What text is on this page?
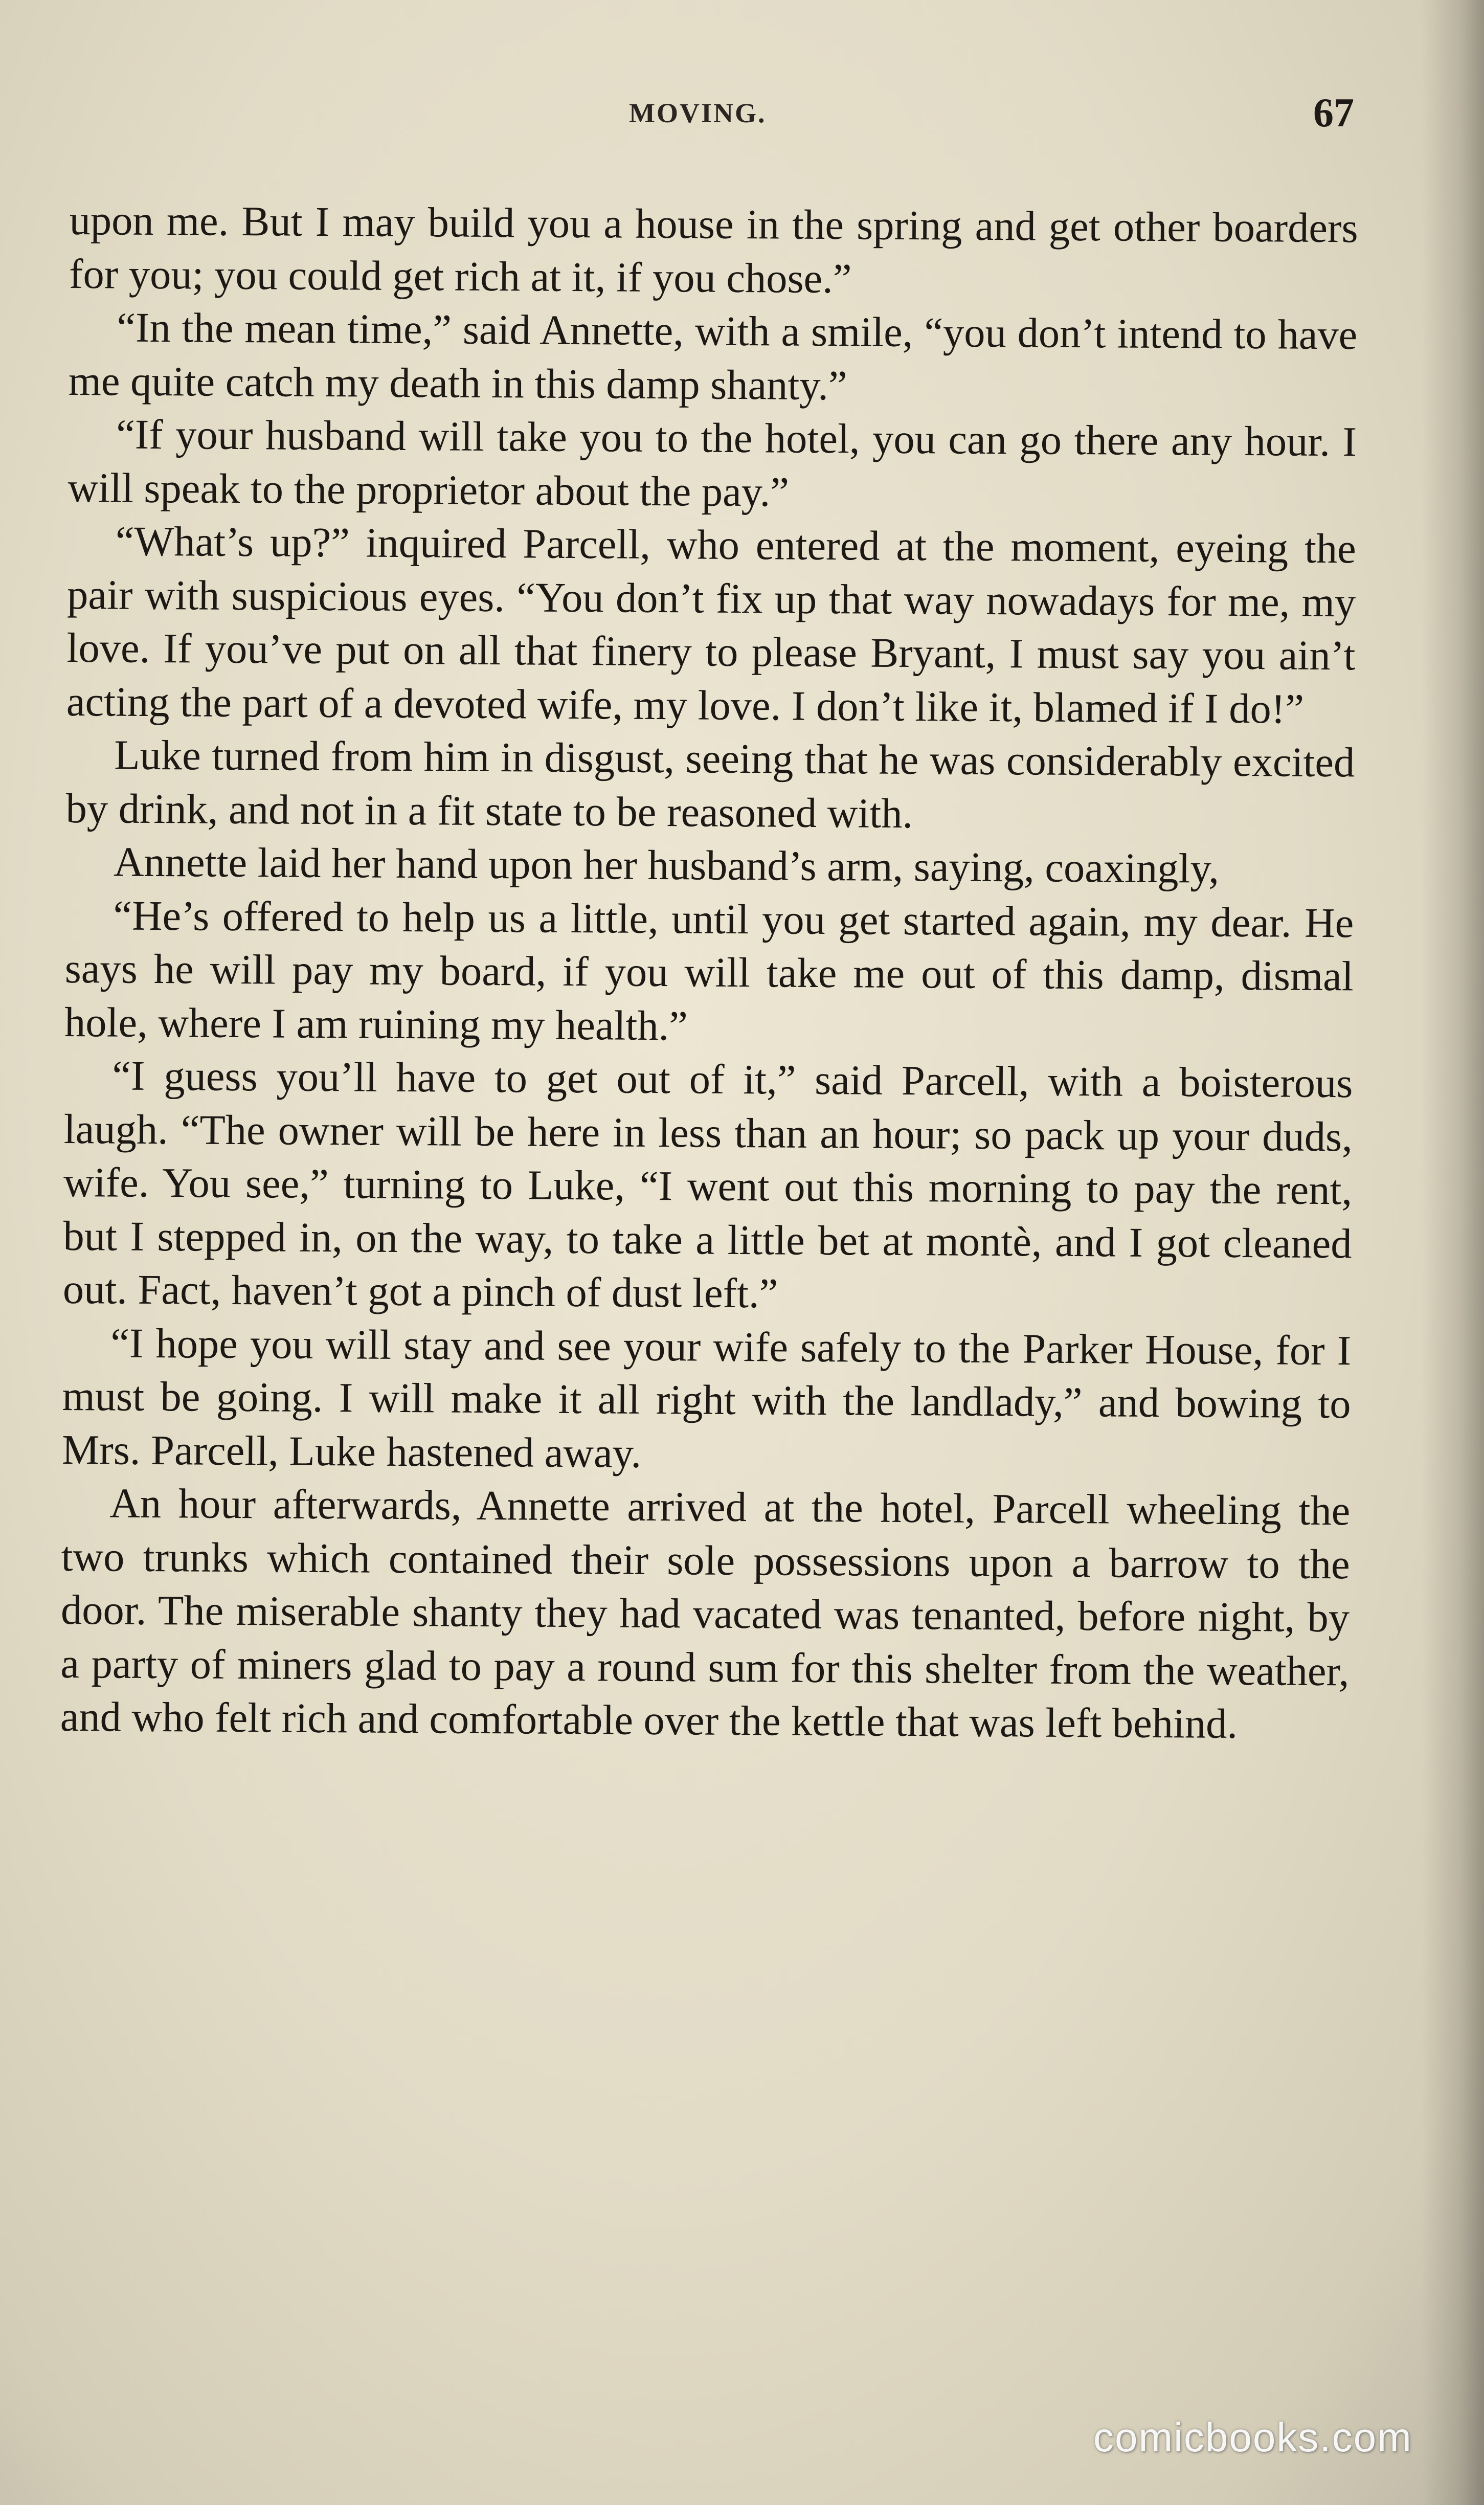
MOVING.	67

upon me. But I may build you a house in the spring and get other boarders for you; you could get rich at it, if you chose.”

“In the mean time,” said Annette, with a smile, “you don’t intend to have me quite catch my death in this damp shanty.”

“If your husband will take you to the hotel, you can go there any hour. I will speak to the proprietor about the pay.”

“What’s up?” inquired Parcell, who entered at the moment, eyeing the pair with suspicious eyes. “You don’t fix up that way nowadays for me, my love. If you’ve put on all that finery to please Bryant, I must say you ain’t acting the part of a devoted wife, my love. I don’t like it, blamed if I do!”

Luke turned from him in disgust, seeing that he was considerably excited by drink, and not in a fit state to be reasoned with.

Annette laid her hand upon her husband’s arm, saying, coaxingly,

“He’s offered to help us a little, until you get started again, my dear. He says he will pay my board, if you will take me out of this damp, dismal hole, where I am ruining my health.”

“I guess you’ll have to get out of it,” said Parcell, with a boisterous laugh. “The owner will be here in less than an hour; so pack up your duds, wife. You see,” turning to Luke, “I went out this morning to pay the rent, but I stepped in, on the way, to take a little bet at montè, and I got cleaned out. Fact, haven’t got a pinch of dust left.”

“I hope you will stay and see your wife safely to the Parker House, for I must be going. I will make it all right with the landlady,” and bowing to Mrs. Parcell, Luke hastened away.

An hour afterwards, Annette arrived at the hotel, Parcell wheeling the two trunks which contained their sole possessions upon a barrow to the door. The miserable shanty they had vacated was tenanted, before night, by a party of miners glad to pay a round sum for this shelter from the weather, and who felt rich and comfortable over the kettle that was left behind.

comicbooks.com
